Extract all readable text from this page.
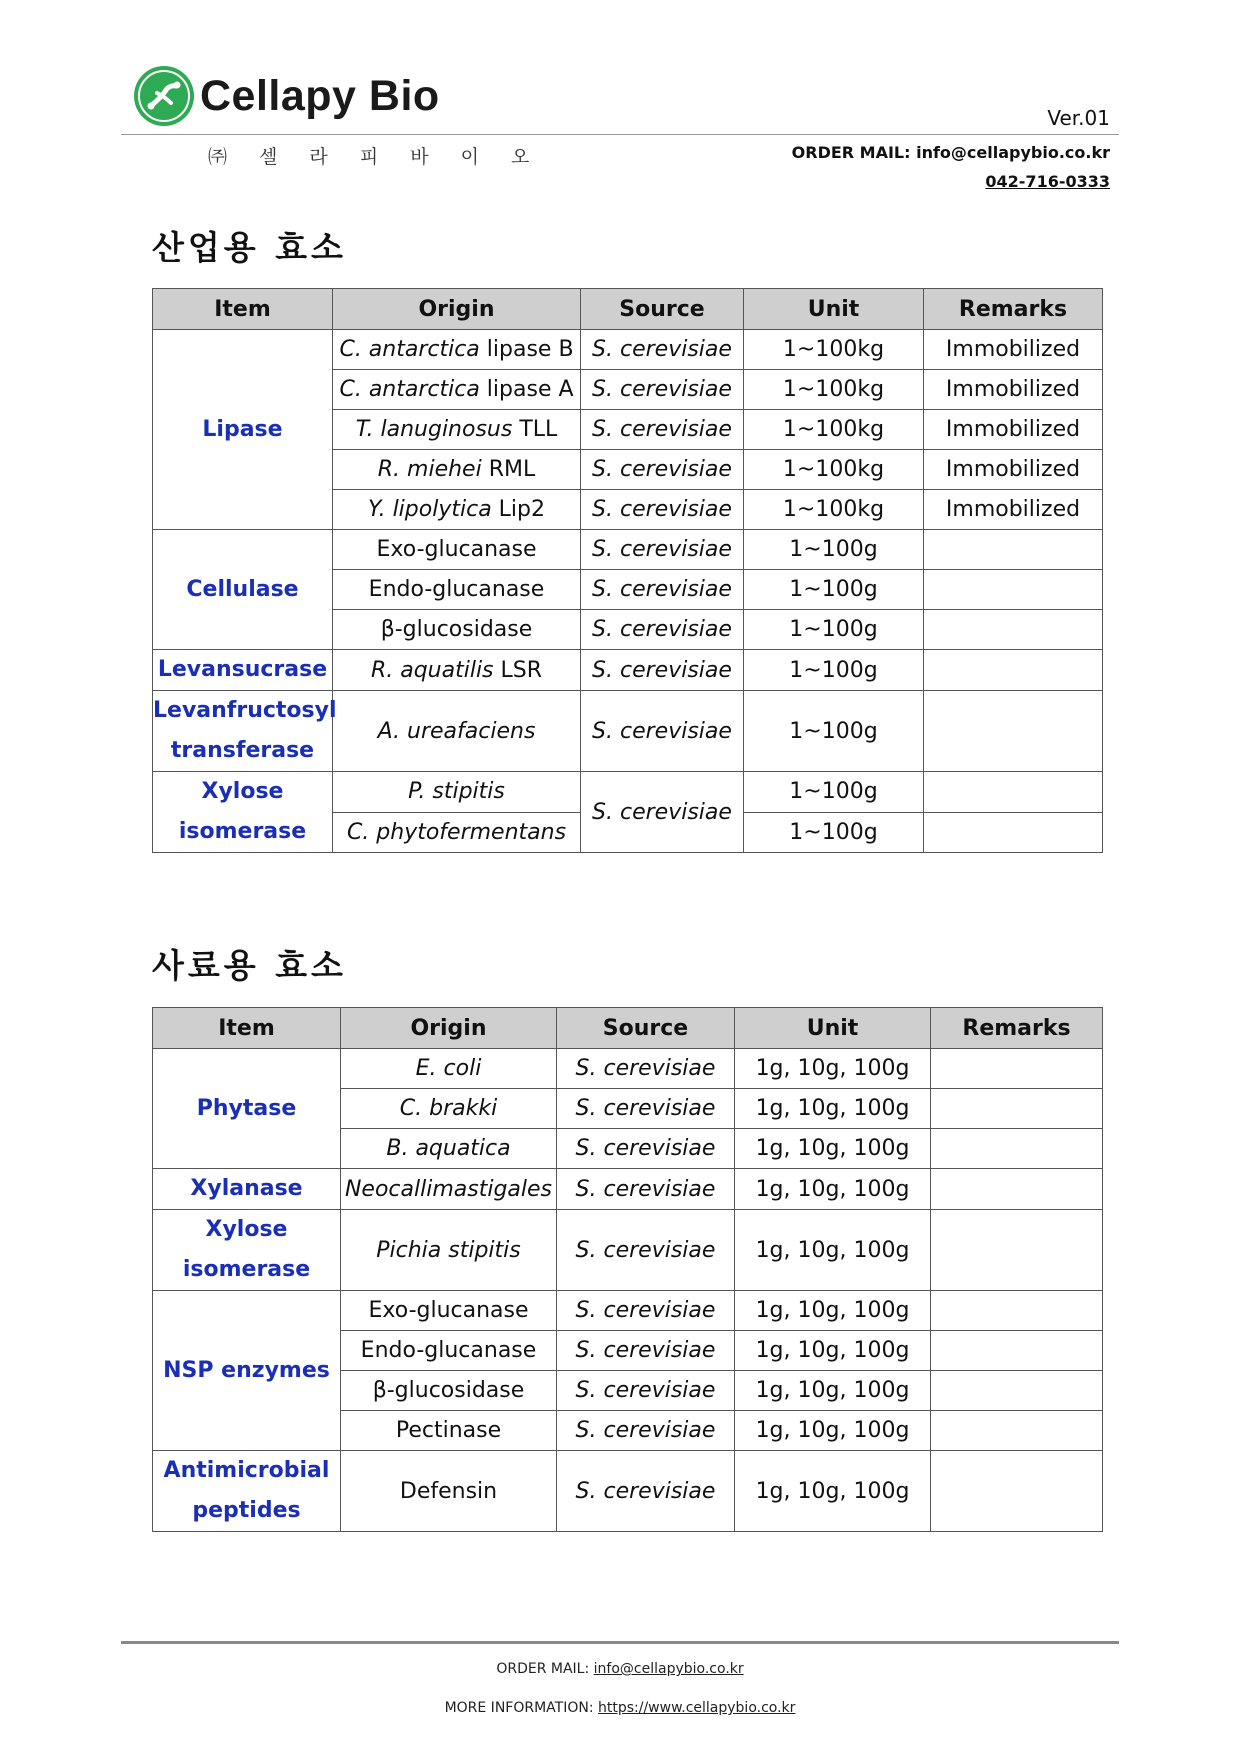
Cellapy Bio	Ver.01
㈜ 셀 라 피 바 이 오	ORDER MAIL: info@cellapybio.co.kr
042-716-0333
산업용 효소
Item	Origin	Source	Unit	Remarks
Lipase	C. antarctica lipase B	S. cerevisiae	1~100kg	Immobilized
	C. antarctica lipase A	S. cerevisiae	1~100kg	Immobilized
	T. lanuginosus TLL	S. cerevisiae	1~100kg	Immobilized
	R. miehei RML	S. cerevisiae	1~100kg	Immobilized
	Y. lipolytica Lip2	S. cerevisiae	1~100kg	Immobilized
Cellulase	Exo-glucanase	S. cerevisiae	1~100g	
	Endo-glucanase	S. cerevisiae	1~100g	
	β-glucosidase	S. cerevisiae	1~100g	
Levansucrase	R. aquatilis LSR	S. cerevisiae	1~100g	
Levanfructosyl
transferase	A. ureafaciens	S. cerevisiae	1~100g	
Xylose
isomerase	P. stipitis	S. cerevisiae	1~100g	
	C. phytofermentans		1~100g	
사료용 효소
Item	Origin	Source	Unit	Remarks
Phytase	E. coli	S. cerevisiae	1g, 10g, 100g	
	C. brakki	S. cerevisiae	1g, 10g, 100g	
	B. aquatica	S. cerevisiae	1g, 10g, 100g	
Xylanase	Neocallimastigales	S. cerevisiae	1g, 10g, 100g	
Xylose
isomerase	Pichia stipitis	S. cerevisiae	1g, 10g, 100g	
NSP enzymes	Exo-glucanase	S. cerevisiae	1g, 10g, 100g	
	Endo-glucanase	S. cerevisiae	1g, 10g, 100g	
	β-glucosidase	S. cerevisiae	1g, 10g, 100g	
	Pectinase	S. cerevisiae	1g, 10g, 100g	
Antimicrobial
peptides	Defensin	S. cerevisiae	1g, 10g, 100g	
ORDER MAIL: info@cellapybio.co.kr
MORE INFORMATION: https://www.cellapybio.co.kr
